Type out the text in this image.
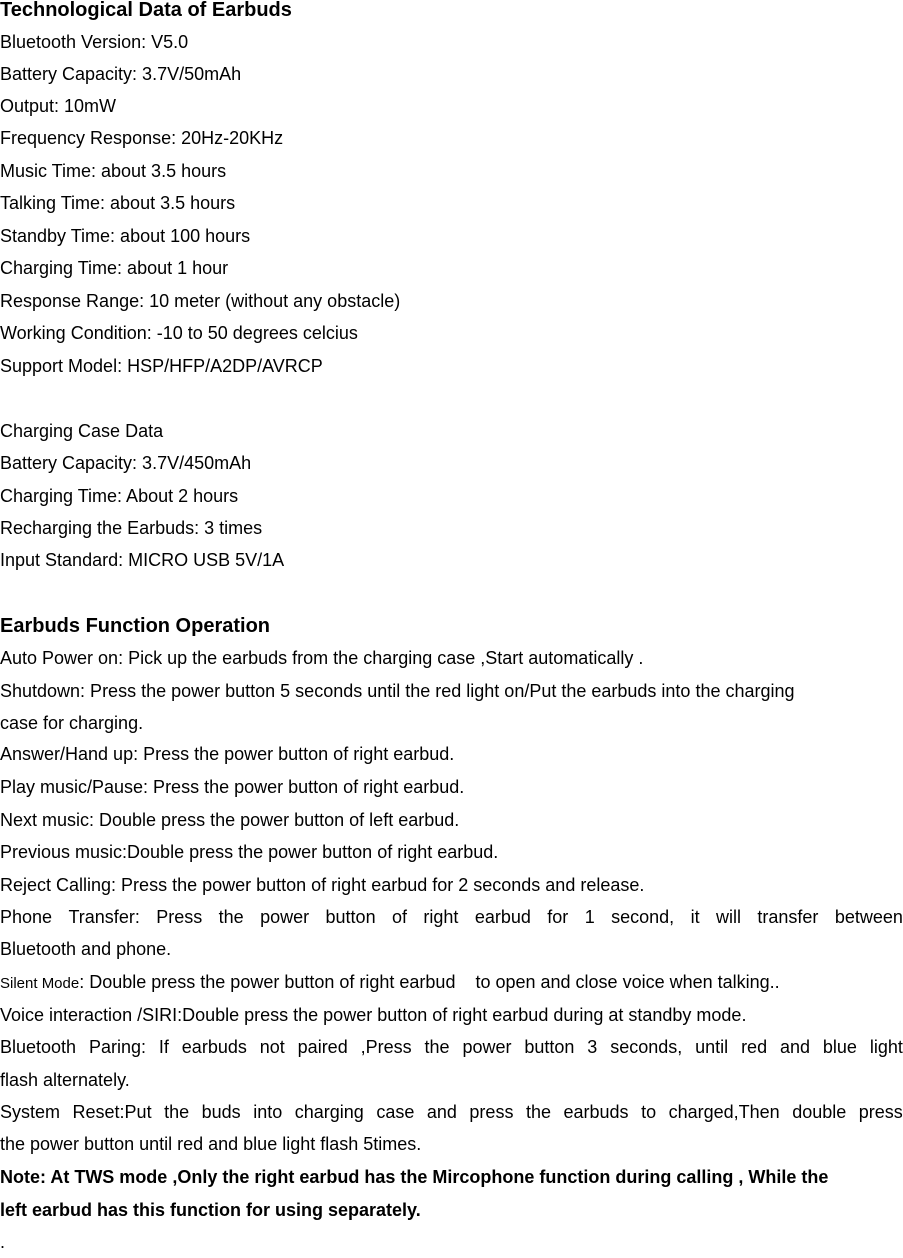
Technological Data of Earbuds
Bluetooth Version: V5.0
Battery Capacity: 3.7V/50mAh
Output: 10mW
Frequency Response: 20Hz-20KHz
Music Time: about 3.5 hours
Talking Time: about 3.5 hours
Standby Time: about 100 hours
Charging Time: about 1 hour
Response Range: 10 meter (without any obstacle)
Working Condition: -10 to 50 degrees celcius
Support Model: HSP/HFP/A2DP/AVRCP
Charging Case Data
Battery Capacity: 3.7V/450mAh
Charging Time: About 2 hours
Recharging the Earbuds: 3 times
Input Standard: MICRO USB 5V/1A
Earbuds Function Operation
Auto Power on: Pick up the earbuds from the charging case ,Start automatically .
Shutdown: Press the power button 5 seconds until the red light on/Put the earbuds into the charging
case for charging.
Answer/Hand up: Press the power button of right earbud.
Play music/Pause: Press the power button of right earbud.
Next music: Double press the power button of left earbud.
Previous music:Double press the power button of right earbud.
Reject Calling: Press the power button of right earbud for 2 seconds and release.
Phone Transfer: Press the power button of right earbud for 1 second, it will transfer between
Bluetooth and phone.
Silent Mode: Double press the power button of right earbud    to open and close voice when talking..
Voice interaction /SIRI:Double press the power button of right earbud during at standby mode.
Bluetooth Paring: If earbuds not paired ,Press the power button 3 seconds, until red and blue light
flash alternately.
System Reset:Put the buds into charging case and press the earbuds to charged,Then double press
the power button until red and blue light flash 5times.
Note: At TWS mode ,Only the right earbud has the Mircophone function during calling , While the
left earbud has this function for using separately.
.
